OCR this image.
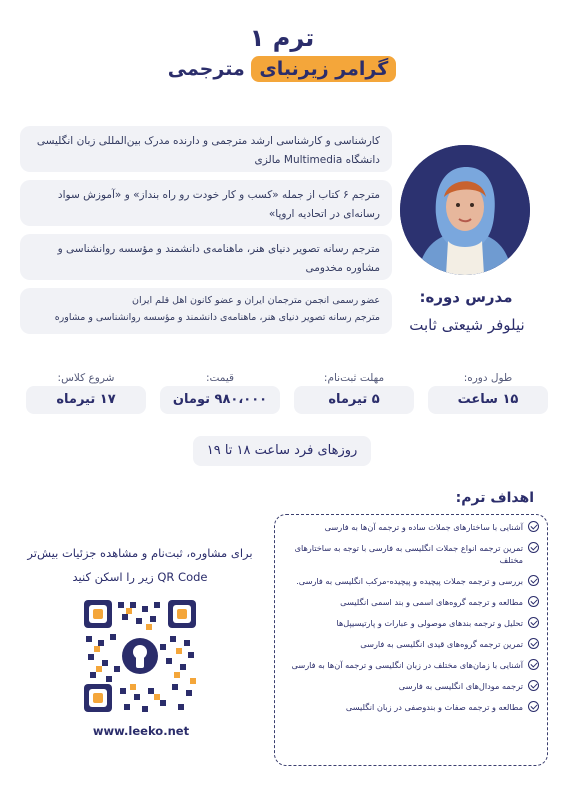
ترم ۱
گرامر زیرنبای مترجمی
کارشناسی و کارشناسی ارشد مترجمی و دارنده مدرک بین‌المللی زبان انگلیسی دانشگاه Multimedia مالزی
مترجم ۶ کتاب از جمله «کسب و کار خودت رو راه بنداز» و «آموزش سواد رسانه‌ای در اتحادیه اروپا»
مترجم رسانه تصویر دنیای هنر، ماهنامه‌ی دانشمند و مؤسسه روانشناسی و مشاوره مخدومی
عضو رسمی انجمن مترجمان ایران و عضو کانون اهل قلم ایران
مترجم رسانه تصویر دنیای هنر، ماهنامه‌ی دانشمند و مؤسسه روانشناسی و مشاوره
مدرس دوره:
نیلوفر شیعتی ثابت
طول دوره:
۱۵ ساعت
مهلت ثبت‌نام:
۵ تیرماه
قیمت:
۹۸۰،۰۰۰ تومان
شروع کلاس:
۱۷ تیرماه
روزهای فرد ساعت ۱۸ تا ۱۹
اهداف ترم:
آشنایی با ساختارهای جملات ساده و ترجمه آن‌ها به فارسی
تمرین ترجمه انواع جملات انگلیسی به فارسی با توجه به ساختارهای مختلف
بررسی و ترجمه جملات پیچیده و پیچیده-مرکب انگلیسی به فارسی.
مطالعه و ترجمه گروه‌های اسمی و بند اسمی انگلیسی
تحلیل و ترجمه بندهای موصولی و عبارات و پارتیسیپل‌ها
تمرین ترجمه گروه‌های قیدی انگلیسی به فارسی
آشنایی با زمان‌های مختلف در زبان انگلیسی و ترجمه آن‌ها به فارسی
ترجمه مودال‌های انگلیسی به فارسی
مطالعه و ترجمه صفات و بندوصفی در زبان انگلیسی
برای مشاوره، ثبت‌نام و مشاهده جزئیات بیش‌تر
QR Code زیر را اسکن کنید
www.leeko.net
